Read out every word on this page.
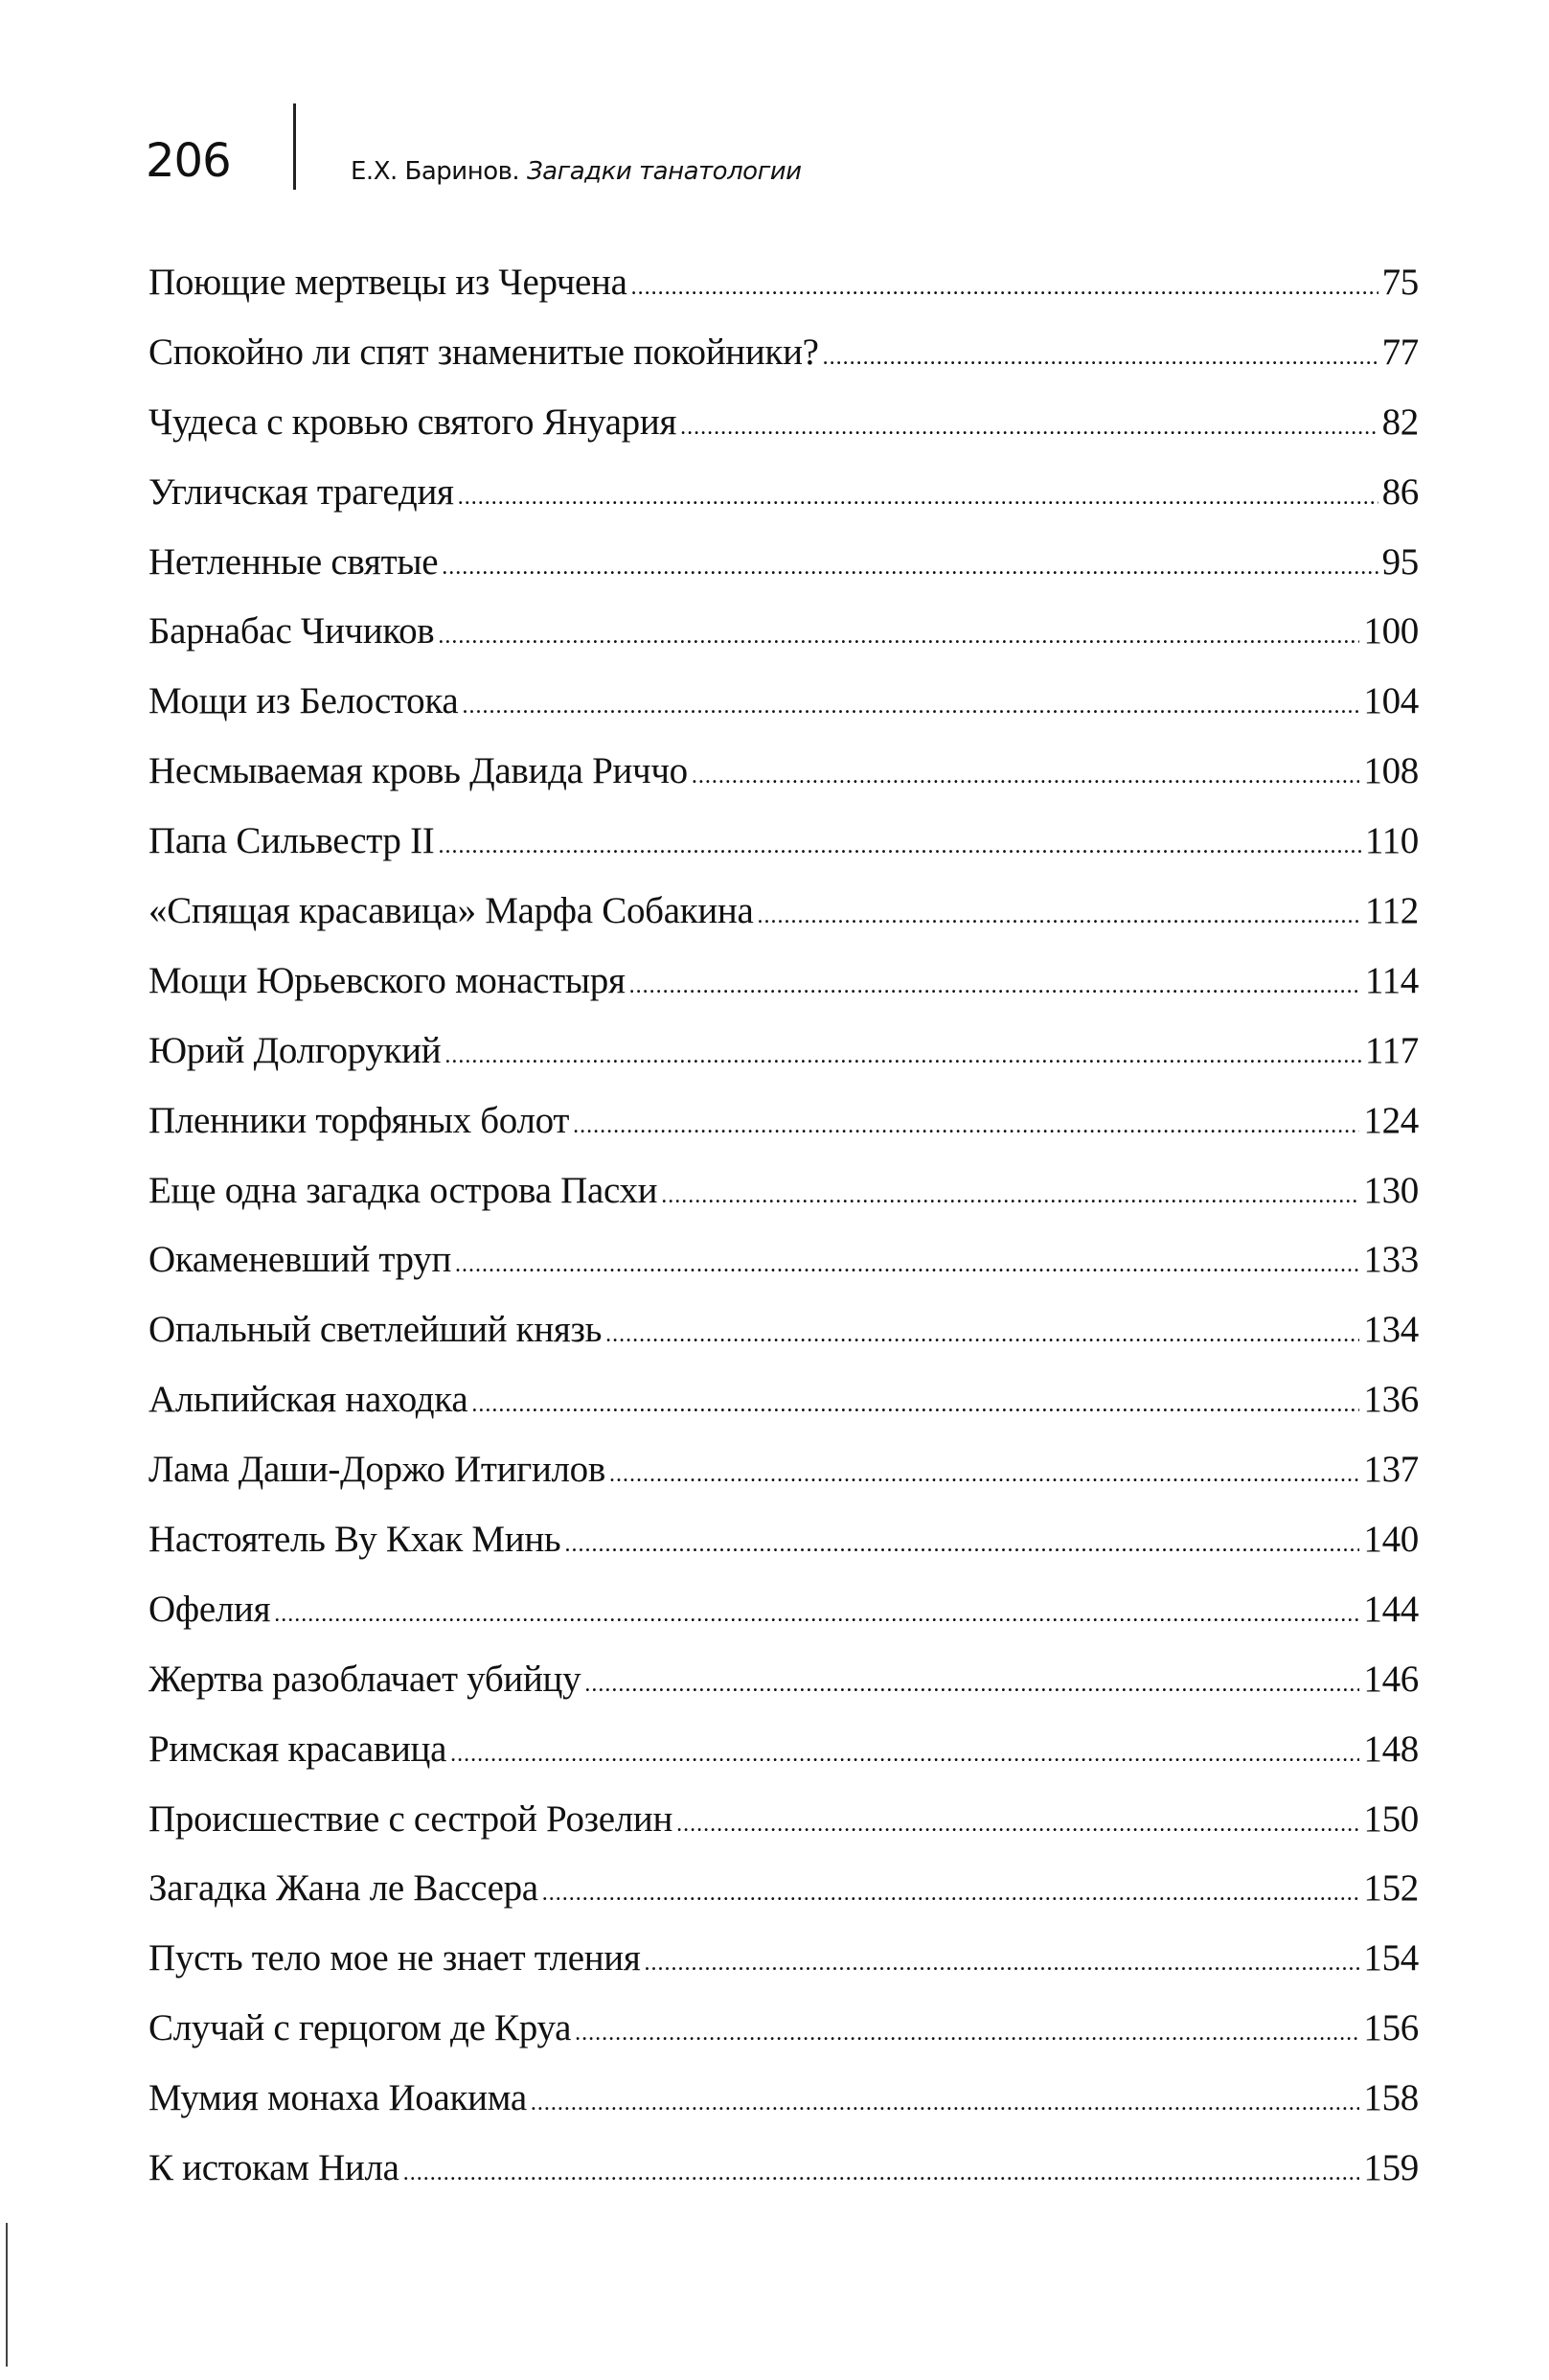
206	Е.Х. Баринов. Загадки танатологии
Поющие мертвецы из Черчена .....	75
Спокойно ли спят знаменитые покойники? .....	77
Чудеса с кровью святого Януария .....	82
Угличская трагедия .....	86
Нетленные святые .....	95
Барнабас Чичиков .....	100
Мощи из Белостока .....	104
Несмываемая кровь Давида Риччо .....	108
Папа Сильвестр II .....	110
«Спящая красавица» Марфа Собакина .....	112
Мощи Юрьевского монастыря .....	114
Юрий Долгорукий .....	117
Пленники торфяных болот .....	124
Еще одна загадка острова Пасхи .....	130
Окаменевший труп .....	133
Опальный светлейший князь .....	134
Альпийская находка .....	136
Лама Даши-Доржо Итигилов .....	137
Настоятель Ву Кхак Минь .....	140
Офелия .....	144
Жертва разоблачает убийцу .....	146
Римская красавица .....	148
Происшествие с сестрой Розелин .....	150
Загадка Жана ле Вассера .....	152
Пусть тело мое не знает тления .....	154
Случай с герцогом де Круа .....	156
Мумия монаха Иоакима .....	158
К истокам Нила .....	159
